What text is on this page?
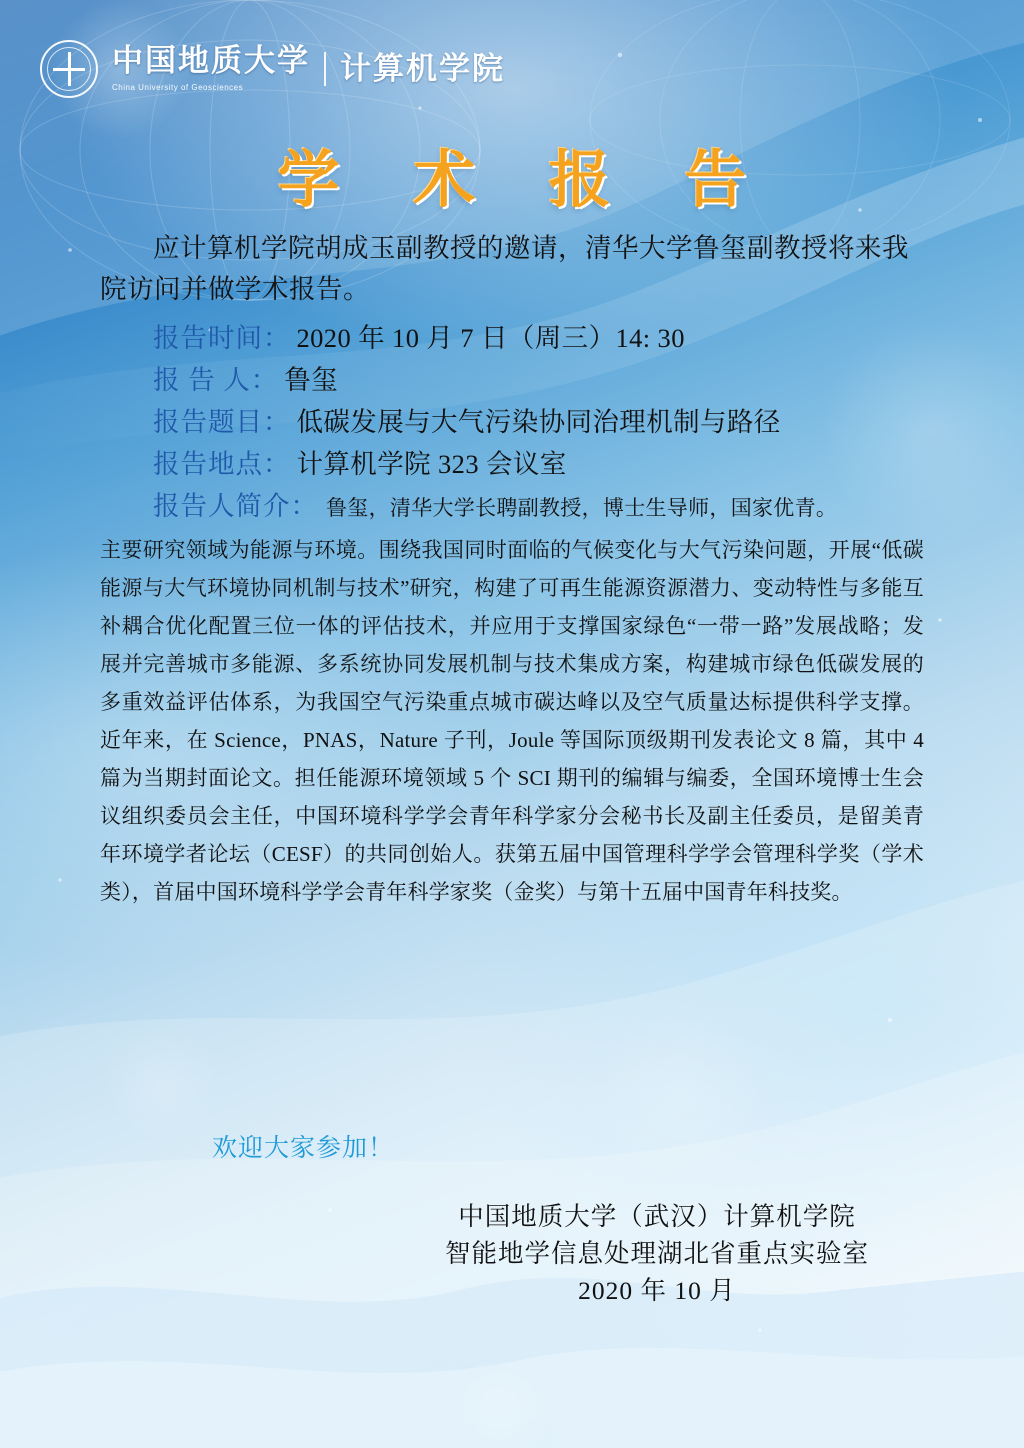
中国地质大学
China University of Geosciences
计算机学院
学 术 报 告
应计算机学院胡成玉副教授的邀请，清华大学鲁玺副教授将来我院访问并做学术报告。
报告时间： 2020 年 10 月 7 日（周三）14: 30
报 告 人： 鲁玺
报告题目： 低碳发展与大气污染协同治理机制与路径
报告地点： 计算机学院 323 会议室
报告人简介： 鲁玺，清华大学长聘副教授，博士生导师，国家优青。
主要研究领域为能源与环境。围绕我国同时面临的气候变化与大气污染问题，开展“低碳能源与大气环境协同机制与技术”研究，构建了可再生能源资源潜力、变动特性与多能互补耦合优化配置三位一体的评估技术，并应用于支撑国家绿色“一带一路”发展战略；发展并完善城市多能源、多系统协同发展机制与技术集成方案，构建城市绿色低碳发展的多重效益评估体系，为我国空气污染重点城市碳达峰以及空气质量达标提供科学支撑。近年来，在 Science，PNAS，Nature 子刊，Joule 等国际顶级期刊发表论文 8 篇，其中 4 篇为当期封面论文。担任能源环境领域 5 个 SCI 期刊的编辑与编委，全国环境博士生会议组织委员会主任，中国环境科学学会青年科学家分会秘书长及副主任委员，是留美青年环境学者论坛（CESF）的共同创始人。获第五届中国管理科学学会管理科学奖（学术类），首届中国环境科学学会青年科学家奖（金奖）与第十五届中国青年科技奖。
欢迎大家参加！
中国地质大学（武汉）计算机学院
智能地学信息处理湖北省重点实验室
2020 年 10 月
